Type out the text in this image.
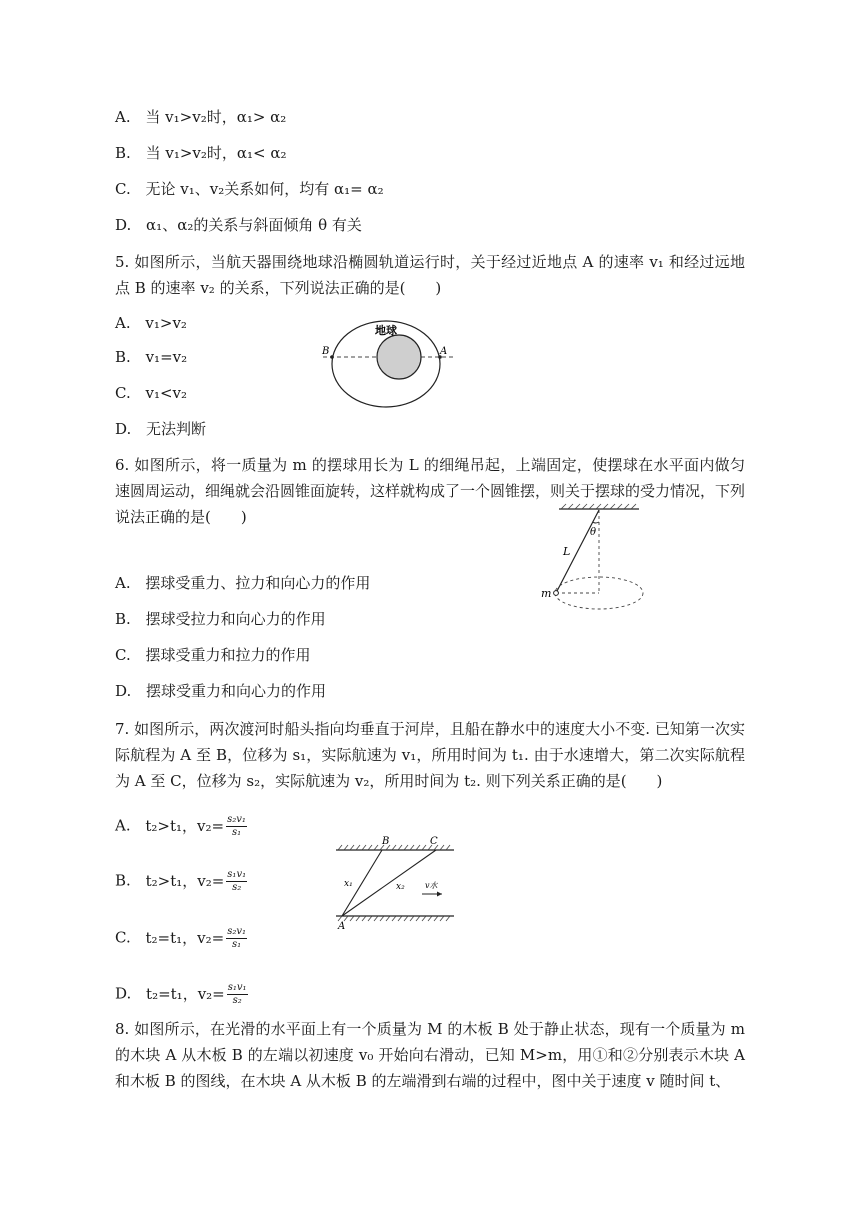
A. 当 v₁>v₂时，α₁> α₂
B. 当 v₁>v₂时，α₁< α₂
C. 无论 v₁、v₂关系如何，均有 α₁= α₂
D. α₁、α₂的关系与斜面倾角 θ 有关
5. 如图所示，当航天器围绕地球沿椭圆轨道运行时，关于经过近地点 A 的速率 v₁ 和经过远地点 B 的速率 v₂ 的关系，下列说法正确的是(　　)
A. v₁>v₂
B. v₁=v₂
C. v₁<v₂
D. 无法判断
地球
B	A
6. 如图所示，将一质量为 m 的摆球用长为 L 的细绳吊起，上端固定，使摆球在水平面内做匀速圆周运动，细绳就会沿圆锥面旋转，这样就构成了一个圆锥摆，则关于摆球的受力情况，下列说法正确的是(　　)
A. 摆球受重力、拉力和向心力的作用
B. 摆球受拉力和向心力的作用
C. 摆球受重力和拉力的作用
D. 摆球受重力和向心力的作用
θ
L
m
7. 如图所示，两次渡河时船头指向均垂直于河岸，且船在静水中的速度大小不变. 已知第一次实际航程为 A 至 B，位移为 s₁，实际航速为 v₁，所用时间为 t₁. 由于水速增大，第二次实际航程为 A 至 C，位移为 s₂，实际航速为 v₂，所用时间为 t₂. 则下列关系正确的是(　　)
A. t₂>t₁，$v_2= \frac{\text{s₂v₁}}{\text{s₁}}$
B. t₂>t₁，$v_2= \frac{\text{s₁v₁}}{\text{s₂}}$
C. t₂=t₁，$v_2= \frac{\text{s₂v₁}}{\text{s₁}}$
D. t₂=t₁，$v_2= \frac{\text{s₁v₁}}{\text{s₂}}$
B	C
A
x₁	x₂	v水
8. 如图所示，在光滑的水平面上有一个质量为 M 的木板 B 处于静止状态，现有一个质量为 m 的木块 A 从木板 B 的左端以初速度 v₀ 开始向右滑动，已知 M>m，用①和②分别表示木块 A 和木板 B 的图线，在木块 A 从木板 B 的左端滑到右端的过程中，图中关于速度 v 随时间 t、
